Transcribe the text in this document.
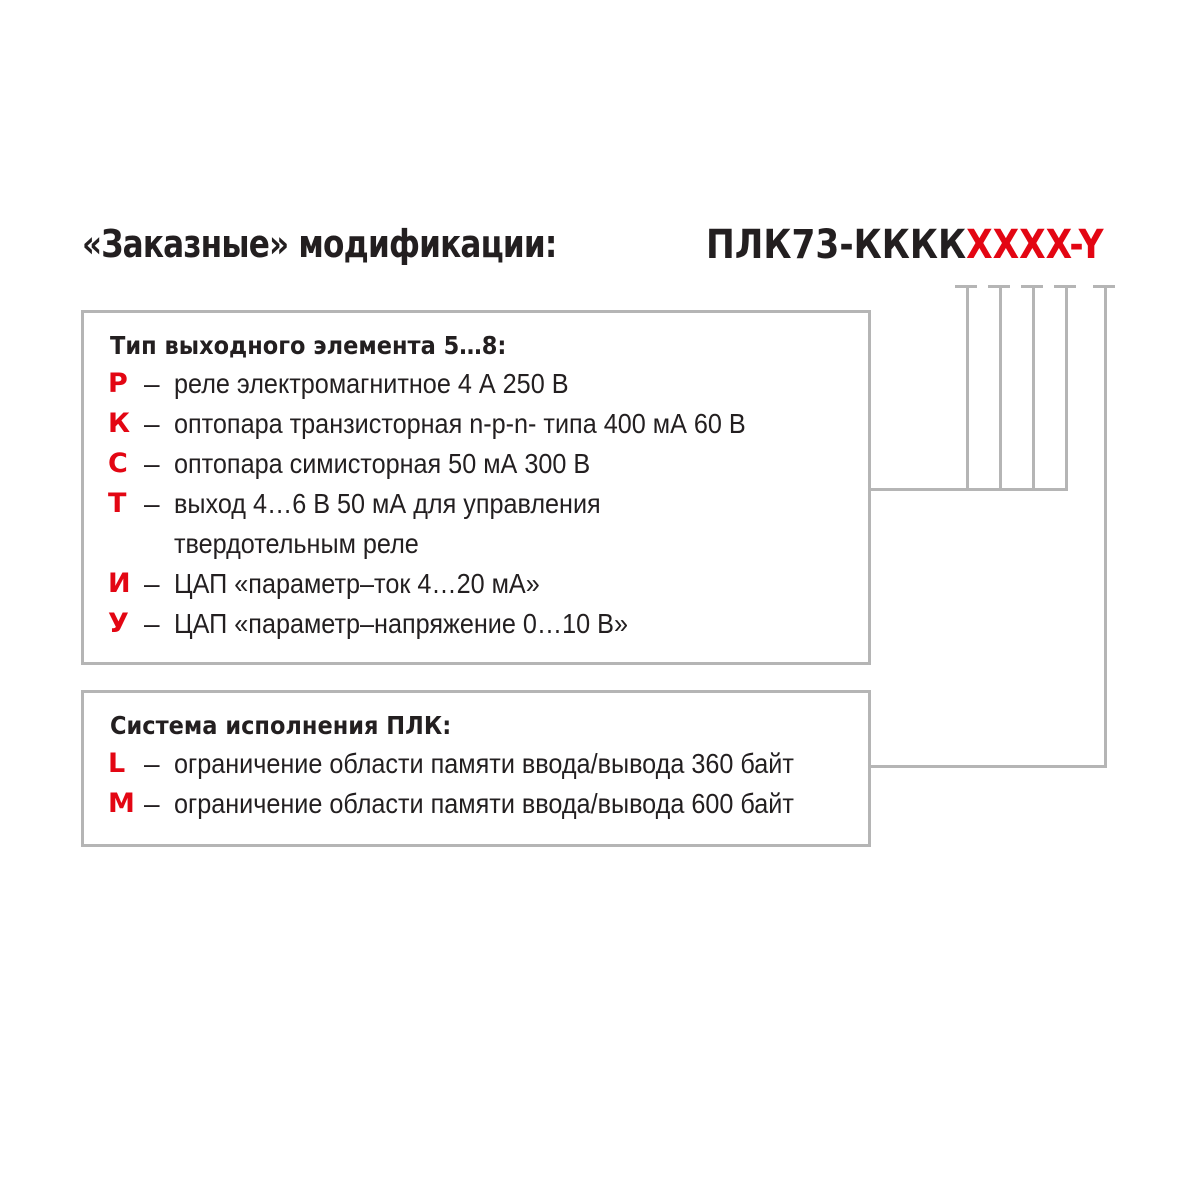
«Заказные» модификации:	ПЛК73-ККККXXXX-Y
Тип выходного элемента 5…8:
Р – реле электромагнитное 4 А 250 В
К – оптопара транзисторная n-p-n- типа 400 мА 60 В
С – оптопара симисторная 50 мА 300 В
Т – выход 4…6 В 50 мА для управления
твердотельным реле
И – ЦАП «параметр–ток 4…20 мА»
У – ЦАП «параметр–напряжение 0…10 В»
Система исполнения ПЛК:
L – ограничение области памяти ввода/вывода 360 байт
M – ограничение области памяти ввода/вывода 600 байт
